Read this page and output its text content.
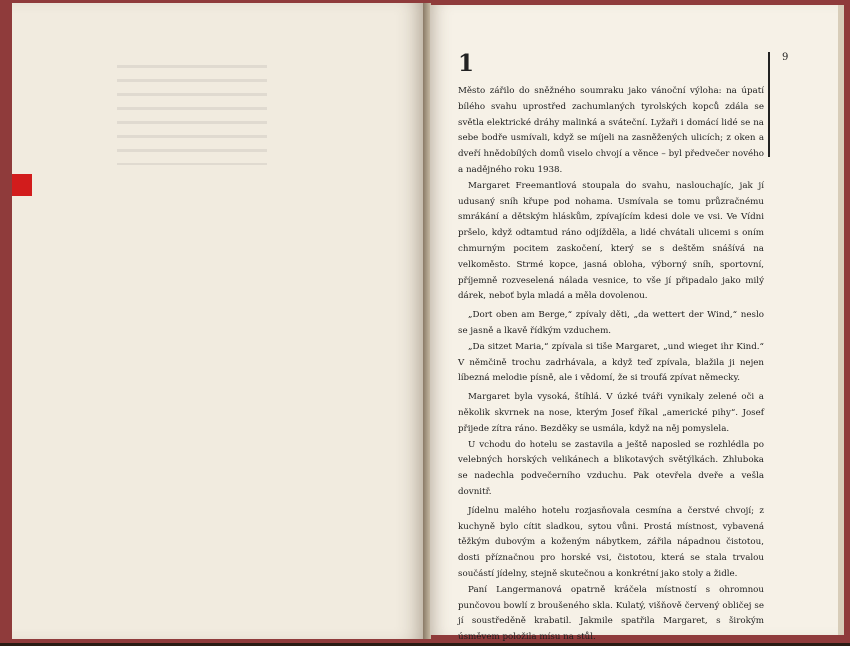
1	9

Město zářilo do sněžného soumraku jako vánoční výloha: na úpatí bílého svahu uprostřed zachumlaných tyrolských kopců zdála se světla elektrické dráhy malinká a sváteční. Lyžaři i domácí lidé se na sebe bodře usmívali, když se míjeli na zasněžených ulicích; z oken a dveří hnědobílých domů viselo chvojí a věnce – byl předvečer nového a nadějného roku 1938.

Margaret Freemantlová stoupala do svahu, naslouchajíc, jak jí udusaný sníh křupe pod nohama. Usmívala se tomu průzračnému smrákání a dětským hláskům, zpívajícím kdesi dole ve vsi. Ve Vídni pršelo, když odtamtud ráno odjížděla, a lidé chvátali ulicemi s oním chmurným pocitem zaskočení, který se s deštěm snášívá na velkoměsto. Strmé kopce, jasná obloha, výborný sníh, sportovní, příjemně rozveselená nálada vesnice, to vše jí připadalo jako milý dárek, neboť byla mladá a měla dovolenou.

„Dort oben am Berge,“ zpívaly děti, „da wettert der Wind,“ neslo se jasně a lkavě řídkým vzduchem.

„Da sitzet Maria,“ zpívala si tiše Margaret, „und wieget ihr Kind.“ V němčině trochu zadrhávala, a když teď zpívala, blažila ji nejen líbezná melodie písně, ale i vědomí, že si troufá zpívat německy.

Margaret byla vysoká, štíhlá. V úzké tváři vynikaly zelené oči a několik skvrnek na nose, kterým Josef říkal „americké pihy“. Josef přijede zítra ráno. Bezděky se usmála, když na něj pomyslela.

U vchodu do hotelu se zastavila a ještě naposled se rozhlédla po velebných horských velikánech a blikotavých světýlkách. Zhluboka se nadechla podvečerního vzduchu. Pak otevřela dveře a vešla dovnitř.

Jídelnu malého hotelu rozjasňovala cesmína a čerstvé chvojí; z kuchyně bylo cítit sladkou, sytou vůni. Prostá místnost, vybavená těžkým dubovým a koženým nábytkem, zářila nápadnou čistotou, dosti příznačnou pro horské vsi, čistotou, která se stala trvalou součástí jídelny, stejně skutečnou a konkrétní jako stoly a židle.

Paní Langermanová opatrně kráčela místností s ohromnou punčovou bowlí z broušeného skla. Kulatý, višňově červený obličej se jí soustředěně krabatil. Jakmile spatřila Margaret, s širokým úsměvem položila mísu na stůl.
